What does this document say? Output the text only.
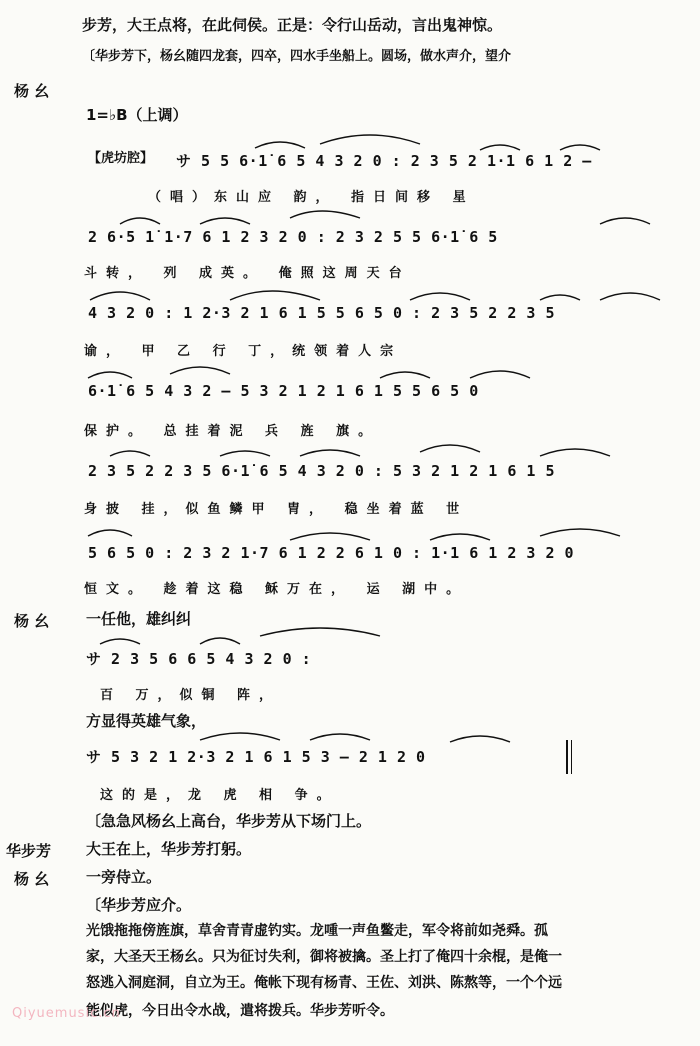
步芳，大王点将，在此伺侯。正是：令行山岳动，言出鬼神惊。
〔华步芳下，杨幺随四龙套，四卒，四水手坐船上。圆场，做水声介，望介
杨 幺
1=♭B（上调）
【虎坊腔】 サ 5 5 6·1̇ 6 5 4 3 2 0 : 2 3 5 2 1·1 6 1 2 –
（唱）东山应 韵， 指日间移 星
2 6·5 1̇ 1·7 6 1 2 3 2 0 : 2 3 2 5 5 6·1̇ 6 5
斗转， 列 成英。 俺照这周天台
4 3 2 0 : 1 2·3 2 1 6 1 5 5 6 5 0 : 2 3 5 2 2 3 5
谕， 甲 乙 行 丁，统领着人宗
6·1̇ 6 5 4 3 2 – 5 3 2 1 2 1 6 1 5 5 6 5 0
保护。 总挂着泥 兵 旌 旗。
2 3 5 2 2 3 5 6·1̇ 6 5 4 3 2 0 : 5 3 2 1 2 1 6 1 5
身披 挂，似鱼鳞甲 胄， 稳坐着蓝 世
5 6 5 0 : 2 3 2 1·7 6 1 2 2 6 1 0 : 1·1 6 1 2 3 2 0
恒文。 趁着这稳 稣万在， 运 湖中。
杨 幺 一任他，雄纠纠
サ 2 3 5 6 6 5 4 3 2 0 :
百 万，似铜 阵，
方显得英雄气象，
サ 5 3 2 1 2·3 2 1 6 1 5 3 – 2 1 2 0
这的是，龙 虎 相 争。
〔急急风杨幺上高台，华步芳从下场门上。
华步芳 大王在上，华步芳打躬。
杨 幺 一旁侍立。
〔华步芳应介。
光饿拖拖傍旌旗，草舍青青虚钓实。龙喠一声鱼鳖走，军令将前如尧舜。孤
家，大圣天王杨幺。只为征讨失利，御将被擒。圣上打了俺四十余棍，是俺一
怒逃入洞庭洞，自立为王。俺帐下现有杨青、王佐、刘洪、陈熬等，一个个远
能似虎，今日出令水战，遣将拨兵。华步芳听令。
Qiyuemusic.cn
